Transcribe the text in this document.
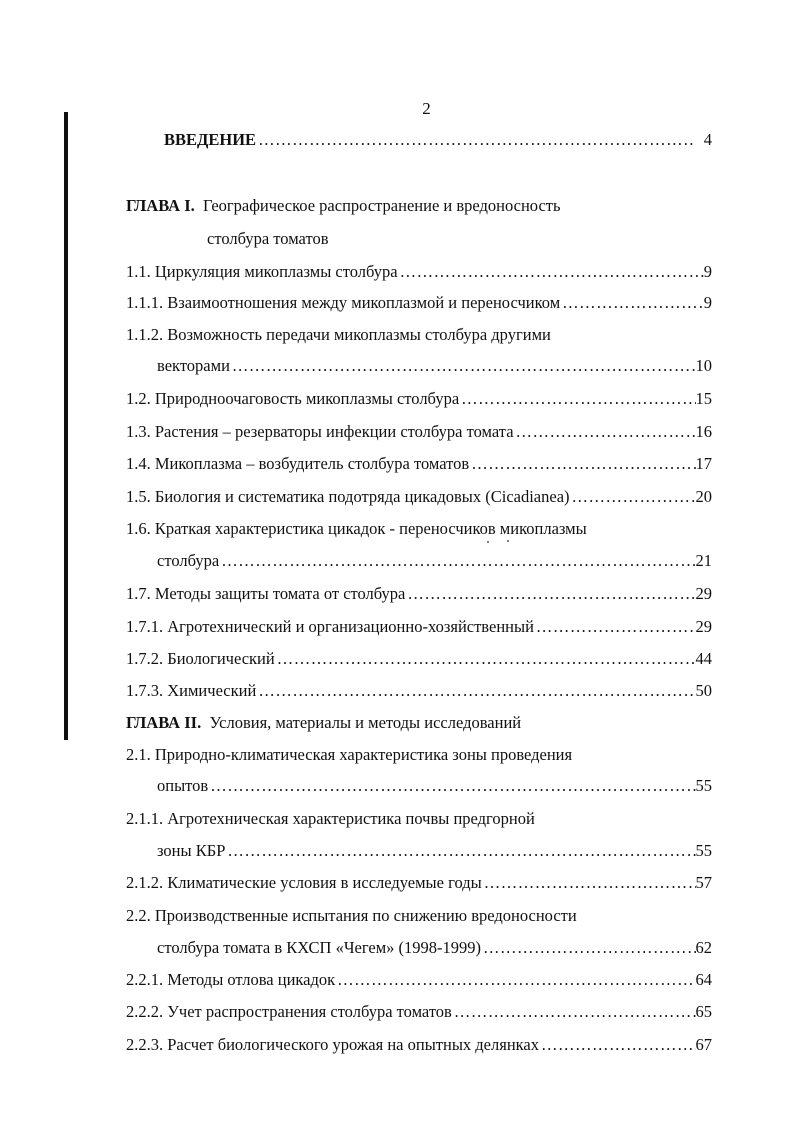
2
ВВЕДЕНИЕ ……………………………………………………………………………………………………………………………………………………………………	4
ГЛАВА I. Географическое распространение и вредоносность
столбура томатов
1.1. Циркуляция микоплазмы столбура ……………………………………………………………………………………………………………………………………………………………………	9
1.1.1. Взаимоотношения между микоплазмой и переносчиком ……………………………………………………………………………………………………………………………………………………………………	9
1.1.2. Возможность передачи микоплазмы столбура другими
векторами ……………………………………………………………………………………………………………………………………………………………………	10
1.2. Природноочаговость микоплазмы столбура ……………………………………………………………………………………………………………………………………………………………………	15
1.3. Растения – резерваторы инфекции столбура томата ……………………………………………………………………………………………………………………………………………………………………	16
1.4. Микоплазма – возбудитель столбура томатов ……………………………………………………………………………………………………………………………………………………………………	17
1.5. Биология и систематика подотряда цикадовых (Cicadianea) ……………………………………………………………………………………………………………………………………………………………………	20
1.6. Краткая характеристика цикадок - переносчиков микоплазмы
столбура ……………………………………………………………………………………………………………………………………………………………………	21
1.7. Методы защиты томата от столбура ……………………………………………………………………………………………………………………………………………………………………	29
1.7.1. Агротехнический и организационно-хозяйственный ……………………………………………………………………………………………………………………………………………………………………	29
1.7.2. Биологический ……………………………………………………………………………………………………………………………………………………………………	44
1.7.3. Химический ……………………………………………………………………………………………………………………………………………………………………	50
ГЛАВА II. Условия, материалы и методы исследований
2.1. Природно-климатическая характеристика зоны проведения
опытов ……………………………………………………………………………………………………………………………………………………………………	55
2.1.1. Агротехническая характеристика почвы предгорной
зоны КБР ……………………………………………………………………………………………………………………………………………………………………	55
2.1.2. Климатические условия в исследуемые годы ……………………………………………………………………………………………………………………………………………………………………	57
2.2. Производственные испытания по снижению вредоносности
столбура томата в КХСП «Чегем» (1998-1999) ……………………………………………………………………………………………………………………………………………………………………	62
2.2.1. Методы отлова цикадок ……………………………………………………………………………………………………………………………………………………………………	64
2.2.2. Учет распространения столбура томатов ……………………………………………………………………………………………………………………………………………………………………	65
2.2.3. Расчет биологического урожая на опытных делянках ……………………………………………………………………………………………………………………………………………………………………	67
